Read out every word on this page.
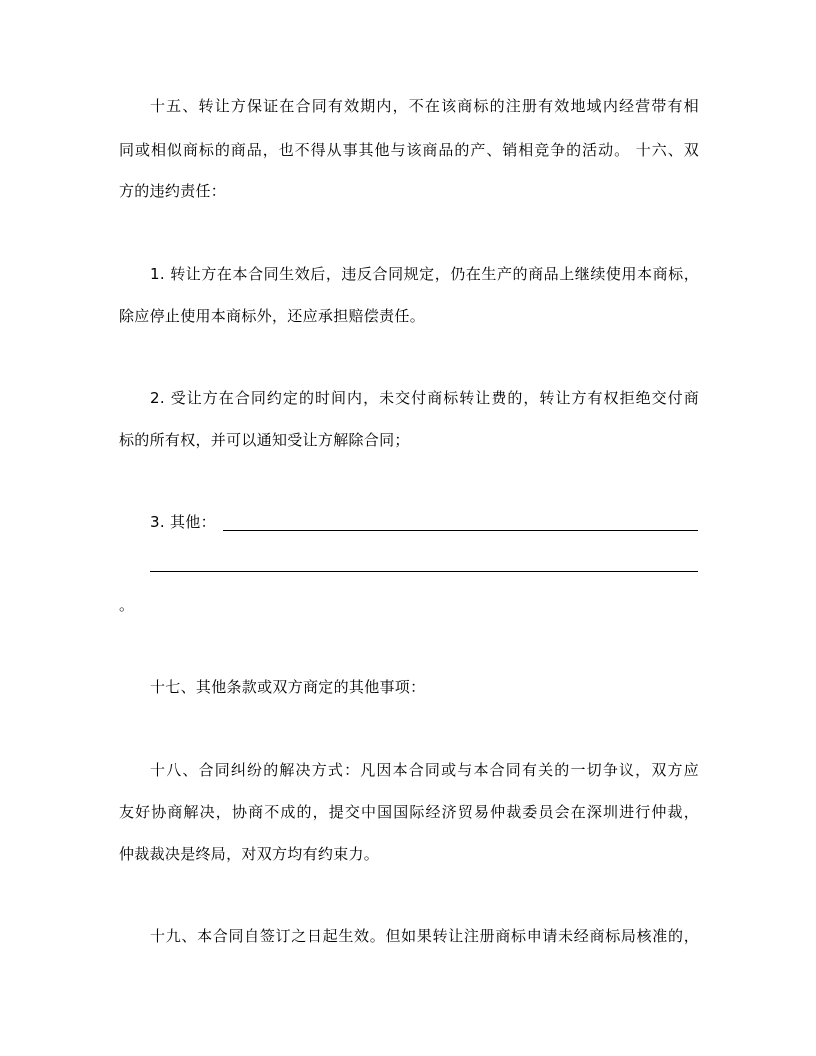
十五、转让方保证在合同有效期内，不在该商标的注册有效地域内经营带有相
同或相似商标的商品，也不得从事其他与该商品的产、销相竞争的活动。 十六、双
方的违约责任：
1. 转让方在本合同生效后，违反合同规定，仍在生产的商品上继续使用本商标，
除应停止使用本商标外，还应承担赔偿责任。
2. 受让方在合同约定的时间内，未交付商标转让费的，转让方有权拒绝交付商
标的所有权，并可以通知受让方解除合同；
3. 其他：
。
十七、其他条款或双方商定的其他事项：
十八、合同纠纷的解决方式：凡因本合同或与本合同有关的一切争议，双方应
友好协商解决，协商不成的，提交中国国际经济贸易仲裁委员会在深圳进行仲裁，
仲裁裁决是终局，对双方均有约束力。
十九、本合同自签订之日起生效。但如果转让注册商标申请未经商标局核准的，
